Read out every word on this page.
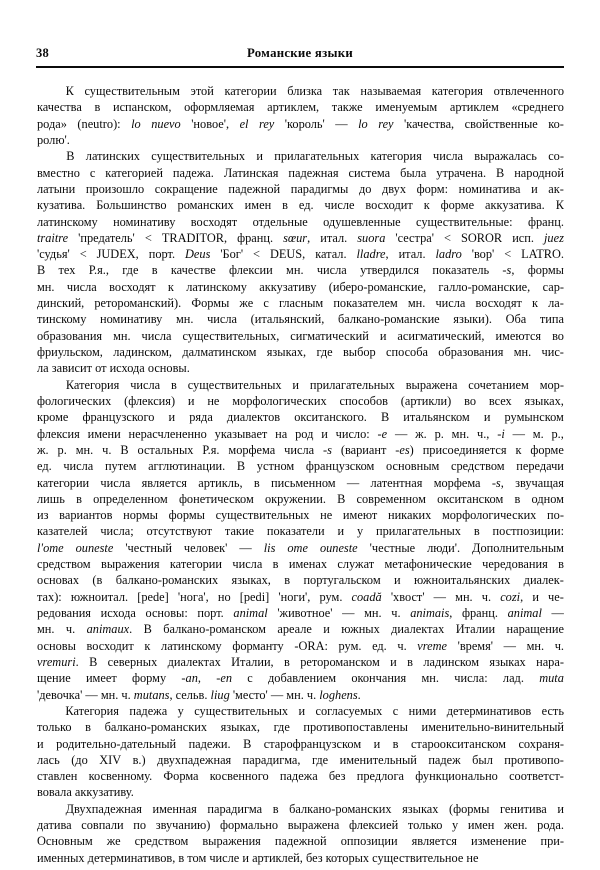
38	Романские языки

К существительным этой категории близка так называемая категория отвлеченного
качества в испанском, оформляемая артиклем, также именуемым артиклем «среднего
рода» (neutro): lo nuevo 'новое', el rey 'король' — lo rey 'качества, свойственные ко-
ролю'.

В латинских существительных и прилагательных категория числа выражалась со-
вместно с категорией падежа. Латинская падежная система была утрачена. В народной
латыни произошло сокращение падежной парадигмы до двух форм: номинатива и ак-
кузатива. Большинство романских имен в ед. числе восходит к форме аккузатива. К
латинскому номинативу восходят отдельные одушевленные существительные: франц.
traitre 'предатель' < TRADITOR, франц. sœur, итал. suora 'сестра' < SOROR исп. juez
'судья' < JUDEX, порт. Deus 'Бог' < DEUS, катал. lladre, итал. ladro 'вор' < LATRO.
В тех Р.я., где в качестве флексии мн. числа утвердился показатель -s, формы
мн. числа восходят к латинскому аккузативу (иберо-романские, галло-романские, сар-
динский, ретороманский). Формы же с гласным показателем мн. числа восходят к ла-
тинскому номинативу мн. числа (итальянский, балкано-романские языки). Оба типа
образования мн. числа существительных, сигматический и асигматический, имеются во
фриульском, ладинском, далматинском языках, где выбор способа образования мн. чис-
ла зависит от исхода основы.

Категория числа в существительных и прилагательных выражена сочетанием мор-
фологических (флексия) и не морфологических способов (артикли) во всех языках,
кроме французского и ряда диалектов окситанского. В итальянском и румынском
флексия имени нерасчлененно указывает на род и число: -e — ж. р. мн. ч., -i — м. р.,
ж. р. мн. ч. В остальных Р.я. морфема числа -s (вариант -es) присоединяется к форме
ед. числа путем агглютинации. В устном французском основным средством передачи
категории числа является артикль, в письменном — латентная морфема -s, звучащая
лишь в определенном фонетическом окружении. В современном окситанском в одном
из вариантов нормы формы существительных не имеют никаких морфологических по-
казателей числа; отсутствуют такие показатели и у прилагательных в постпозиции:
l'ome ouneste 'честный человек' — lis ome ouneste 'честные люди'. Дополнительным
средством выражения категории числа в именах служат метафонические чередования в
основах (в балкано-романских языках, в португальском и южноитальянских диалек-
тах): южноитал. [pede] 'нога', но [pedi] 'ноги', рум. coadă 'хвост' — мн. ч. cozi, и че-
редования исхода основы: порт. animal 'животное' — мн. ч. animais, франц. animal —
мн. ч. animaux. В балкано-романском ареале и южных диалектах Италии наращение
основы восходит к латинскому форманту -ORA: рум. ед. ч. vreme 'время' — мн. ч.
vremuri. В северных диалектах Италии, в ретороманском и в ладинском языках нара-
щение имеет форму -an, -en с добавлением окончания мн. числа: лад. muta
'девочка' — мн. ч. mutans, сельв. liug 'место' — мн. ч. loghens.

Категория падежа у существительных и согласуемых с ними детерминативов есть
только в балкано-романских языках, где противопоставлены именительно-винительный
и родительно-дательный падежи. В старофранцузском и в староокситанском сохраня-
лась (до XIV в.) двухпадежная парадигма, где именительный падеж был противопо-
ставлен косвенному. Форма косвенного падежа без предлога функционально соответст-
вовала аккузативу.

Двухпадежная именная парадигма в балкано-романских языках (формы генитива и
датива совпали по звучанию) формально выражена флексией только у имен жен. рода.
Основным же средством выражения падежной оппозиции является изменение при-
именных детерминативов, в том числе и артиклей, без которых существительное не
